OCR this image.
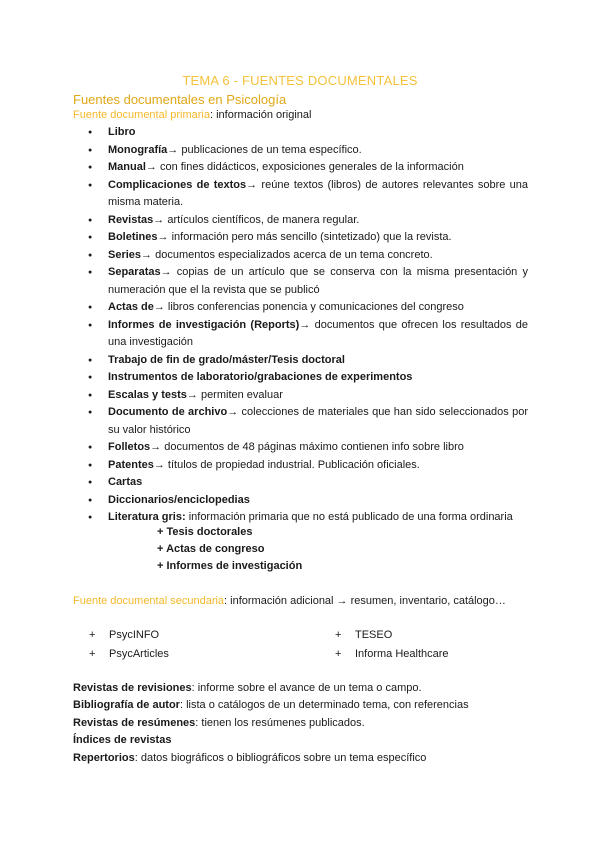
TEMA 6 - FUENTES DOCUMENTALES
Fuentes documentales en Psicología
Fuente documental primaria: información original
● Libro
● Monografía→ publicaciones de un tema específico.
● Manual→ con fines didácticos, exposiciones generales de la información
● Complicaciones de textos→ reúne textos (libros) de autores relevantes sobre una misma materia.
● Revistas→ artículos científicos, de manera regular.
● Boletines→ información pero más sencillo (sintetizado) que la revista.
● Series→ documentos especializados acerca de un tema concreto.
● Separatas→ copias de un artículo que se conserva con la misma presentación y numeración que el la revista que se publicó
● Actas de→ libros conferencias ponencia y comunicaciones del congreso
● Informes de investigación (Reports)→ documentos que ofrecen los resultados de una investigación
● Trabajo de fin de grado/máster/Tesis doctoral
● Instrumentos de laboratorio/grabaciones de experimentos
● Escalas y tests→ permiten evaluar
● Documento de archivo→ colecciones de materiales que han sido seleccionados por su valor histórico
● Folletos→ documentos de 48 páginas máximo contienen info sobre libro
● Patentes→ títulos de propiedad industrial. Publicación oficiales.
● Cartas
● Diccionarios/enciclopedias
● Literatura gris: información primaria que no está publicado de una forma ordinaria
+ Tesis doctorales
+ Actas de congreso
+ Informes de investigación
Fuente documental secundaria: información adicional → resumen, inventario, catálogo…
+ PsycINFO
+ PsycArticles
+ TESEO
+ Informa Healthcare
Revistas de revisiones: informe sobre el avance de un tema o campo.
Bibliografía de autor: lista o catálogos de un determinado tema, con referencias
Revistas de resúmenes: tienen los resúmenes publicados.
Índices de revistas
Repertorios: datos biográficos o bibliográficos sobre un tema específico
